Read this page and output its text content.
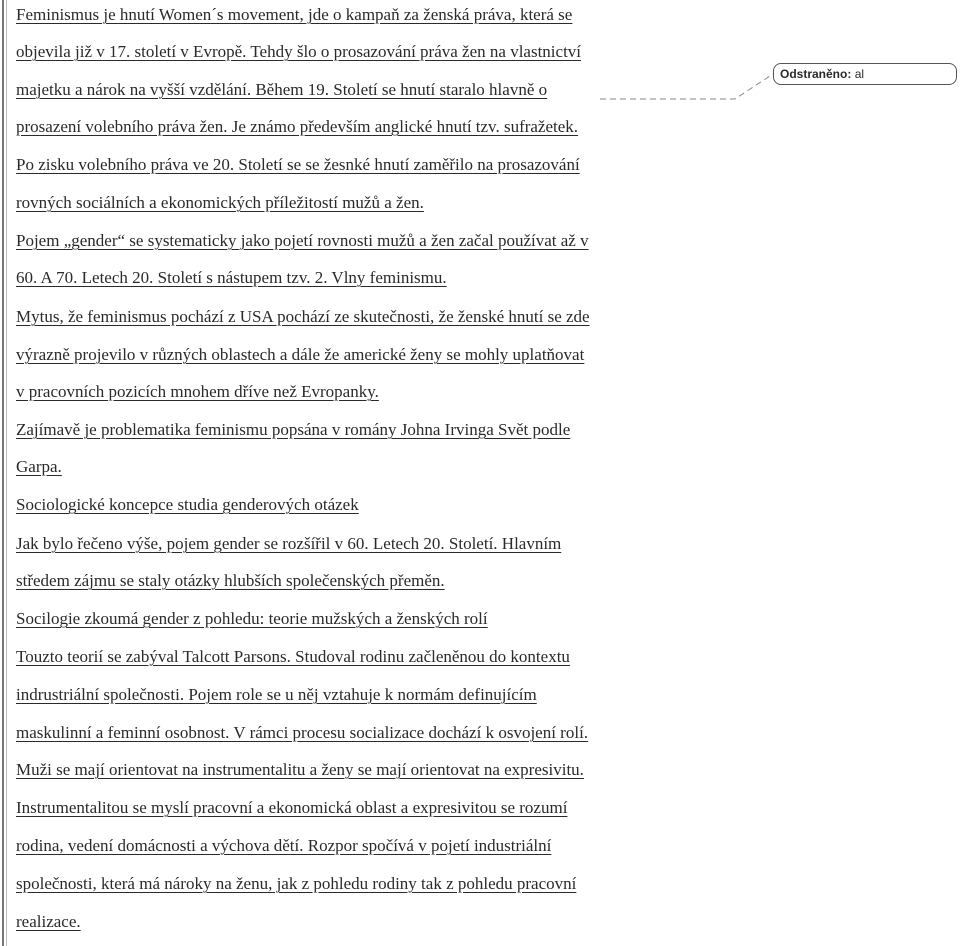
Feminismus je hnutí Women´s movement, jde o kampaň za ženská práva, která se
objevila již v 17. století v Evropě. Tehdy šlo o prosazování práva žen na vlastnictví
majetku a nárok na vyšší vzdělání. Během 19. Století se hnutí staralo hlavně o
prosazení volebního práva žen. Je známo především anglické hnutí tzv. sufražetek.
Po zisku volebního práva ve 20. Století se se žesnké hnutí zaměřilo na prosazování
rovných sociálních a ekonomických příležitostí mužů a žen.
Pojem „gender“ se systematicky jako pojetí rovnosti mužů a žen začal používat až v
60. A 70. Letech 20. Století s nástupem tzv. 2. Vlny feminismu.
Mytus, že feminismus pochází z USA pochází ze skutečnosti, že ženské hnutí se zde
výrazně projevilo v různých oblastech a dále že americké ženy se mohly uplatňovat
v pracovních pozicích mnohem dříve než Evropanky.
Zajímavě je problematika feminismu popsána v romány Johna Irvinga Svět podle
Garpa.
Sociologické koncepce studia genderových otázek
Jak bylo řečeno výše, pojem gender se rozšířil v 60. Letech 20. Století. Hlavním
středem zájmu se staly otázky hlubších společenských přeměn.
Socilogie zkoumá gender z pohledu: teorie mužských a ženských rolí
Touzto teorií se zabýval Talcott Parsons. Studoval rodinu začleněnou do kontextu
indrustriální společnosti. Pojem role se u něj vztahuje k normám definujícím
maskulinní a feminní osobnost. V rámci procesu socializace dochází k osvojení rolí.
Muži se mají orientovat na instrumentalitu a ženy se mají orientovat na expresivitu.
Instrumentalitou se myslí pracovní a ekonomická oblast a expresivitou se rozumí
rodina, vedení domácnosti a výchova dětí. Rozpor spočívá v pojetí industriální
společnosti, která má nároky na ženu, jak z pohledu rodiny tak z pohledu pracovní
realizace.
Odstraněno: al
